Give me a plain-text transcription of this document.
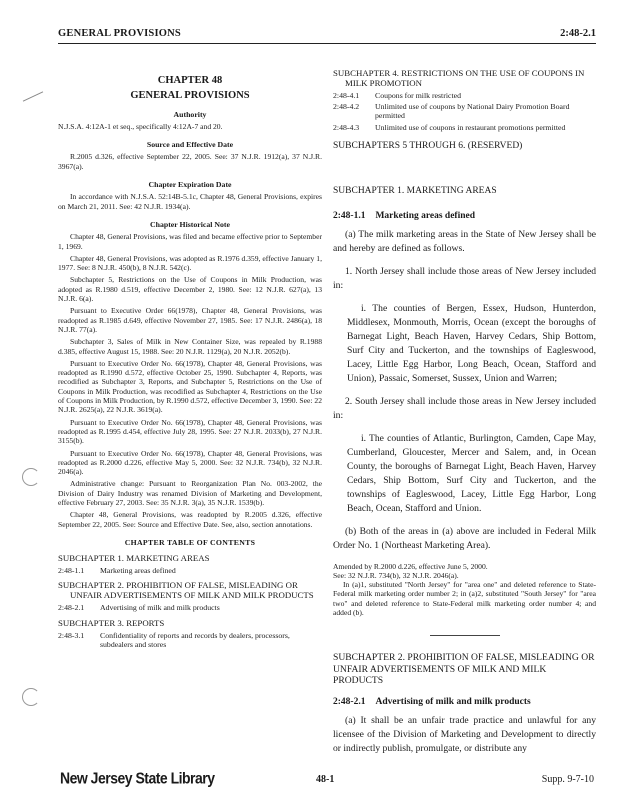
GENERAL PROVISIONS	2:48-2.1
CHAPTER 48
GENERAL PROVISIONS
Authority

N.J.S.A. 4:12A-1 et seq., specifically 4:12A-7 and 20.

Source and Effective Date

R.2005 d.326, effective September 22, 2005. See: 37 N.J.R. 1912(a), 37 N.J.R. 3967(a).

Chapter Expiration Date

In accordance with N.J.S.A. 52:14B-5.1c, Chapter 48, General Provisions, expires on March 21, 2011. See: 42 N.J.R. 1934(a).

Chapter Historical Note

Chapter 48, General Provisions, was filed and became effective prior to September 1, 1969.

Chapter 48, General Provisions, was adopted as R.1976 d.359, effective January 1, 1977. See: 8 N.J.R. 450(b), 8 N.J.R. 542(c).

Subchapter 5, Restrictions on the Use of Coupons in Milk Production, was adopted as R.1980 d.519, effective December 2, 1980. See: 12 N.J.R. 627(a), 13 N.J.R. 6(a).

Pursuant to Executive Order 66(1978), Chapter 48, General Provisions, was readopted as R.1985 d.649, effective November 27, 1985. See: 17 N.J.R. 2486(a), 18 N.J.R. 77(a).

Subchapter 3, Sales of Milk in New Container Size, was repealed by R.1988 d.385, effective August 15, 1988. See: 20 N.J.R. 1129(a), 20 N.J.R. 2052(b).

Pursuant to Executive Order No. 66(1978), Chapter 48, General Provisions, was readopted as R.1990 d.572, effective October 25, 1990. Subchapter 4, Reports, was recodified as Subchapter 3, Reports, and Subchapter 5, Restrictions on the Use of Coupons in Milk Production, was recodified as Subchapter 4, Restrictions on the Use of Coupons in Milk Production, by R.1990 d.572, effective December 3, 1990. See: 22 N.J.R. 2625(a), 22 N.J.R. 3619(a).

Pursuant to Executive Order No. 66(1978), Chapter 48, General Provisions, was readopted as R.1995 d.454, effective July 28, 1995. See: 27 N.J.R. 2033(b), 27 N.J.R. 3155(b).

Pursuant to Executive Order No. 66(1978), Chapter 48, General Provisions, was readopted as R.2000 d.226, effective May 5, 2000. See: 32 N.J.R. 734(b), 32 N.J.R. 2046(a).

Administrative change: Pursuant to Reorganization Plan No. 003-2002, the Division of Dairy Industry was renamed Division of Marketing and Development, effective February 27, 2003. See: 35 N.J.R. 3(a), 35 N.J.R. 1539(b).

Chapter 48, General Provisions, was readopted by R.2005 d.326, effective September 22, 2005. See: Source and Effective Date. See, also, section annotations.

CHAPTER TABLE OF CONTENTS
SUBCHAPTER 1. MARKETING AREAS
2:48-1.1	Marketing areas defined
SUBCHAPTER 2. PROHIBITION OF FALSE, MISLEADING OR UNFAIR ADVERTISEMENTS OF MILK AND MILK PRODUCTS
2:48-2.1	Advertising of milk and milk products
SUBCHAPTER 3. REPORTS
2:48-3.1	Confidentiality of reports and records by dealers, processors, subdealers and stores
SUBCHAPTER 4. RESTRICTIONS ON THE USE OF COUPONS IN MILK PROMOTION
2:48-4.1	Coupons for milk restricted
2:48-4.2	Unlimited use of coupons by National Dairy Promotion Board permitted
2:48-4.3	Unlimited use of coupons in restaurant promotions permitted
SUBCHAPTERS 5 THROUGH 6. (RESERVED)
SUBCHAPTER 1. MARKETING AREAS
2:48-1.1 Marketing areas defined
(a) The milk marketing areas in the State of New Jersey shall be and hereby are defined as follows.
1. North Jersey shall include those areas of New Jersey included in:
i. The counties of Bergen, Essex, Hudson, Hunterdon, Middlesex, Monmouth, Morris, Ocean (except the boroughs of Barnegat Light, Beach Haven, Harvey Cedars, Ship Bottom, Surf City and Tuckerton, and the townships of Eagleswood, Lacey, Little Egg Harbor, Long Beach, Ocean, Stafford and Union), Passaic, Somerset, Sussex, Union and Warren;
2. South Jersey shall include those areas in New Jersey included in:
i. The counties of Atlantic, Burlington, Camden, Cape May, Cumberland, Gloucester, Mercer and Salem, and, in Ocean County, the boroughs of Barnegat Light, Beach Haven, Harvey Cedars, Ship Bottom, Surf City and Tuckerton, and the townships of Eagleswood, Lacey, Little Egg Harbor, Long Beach, Ocean, Stafford and Union.
(b) Both of the areas in (a) above are included in Federal Milk Order No. 1 (Northeast Marketing Area).
Amended by R.2000 d.226, effective June 5, 2000.
See: 32 N.J.R. 734(b), 32 N.J.R. 2046(a).
In (a)1, substituted "North Jersey" for "area one" and deleted reference to State-Federal milk marketing order number 2; in (a)2, substituted "South Jersey" for "area two" and deleted reference to State-Federal milk marketing order number 4; and added (b).
SUBCHAPTER 2. PROHIBITION OF FALSE, MISLEADING OR UNFAIR ADVERTISEMENTS OF MILK AND MILK PRODUCTS
2:48-2.1 Advertising of milk and milk products
(a) It shall be an unfair trade practice and unlawful for any licensee of the Division of Marketing and Development to directly or indirectly publish, promulgate, or distribute any
New Jersey State Library	48-1	Supp. 9-7-10
